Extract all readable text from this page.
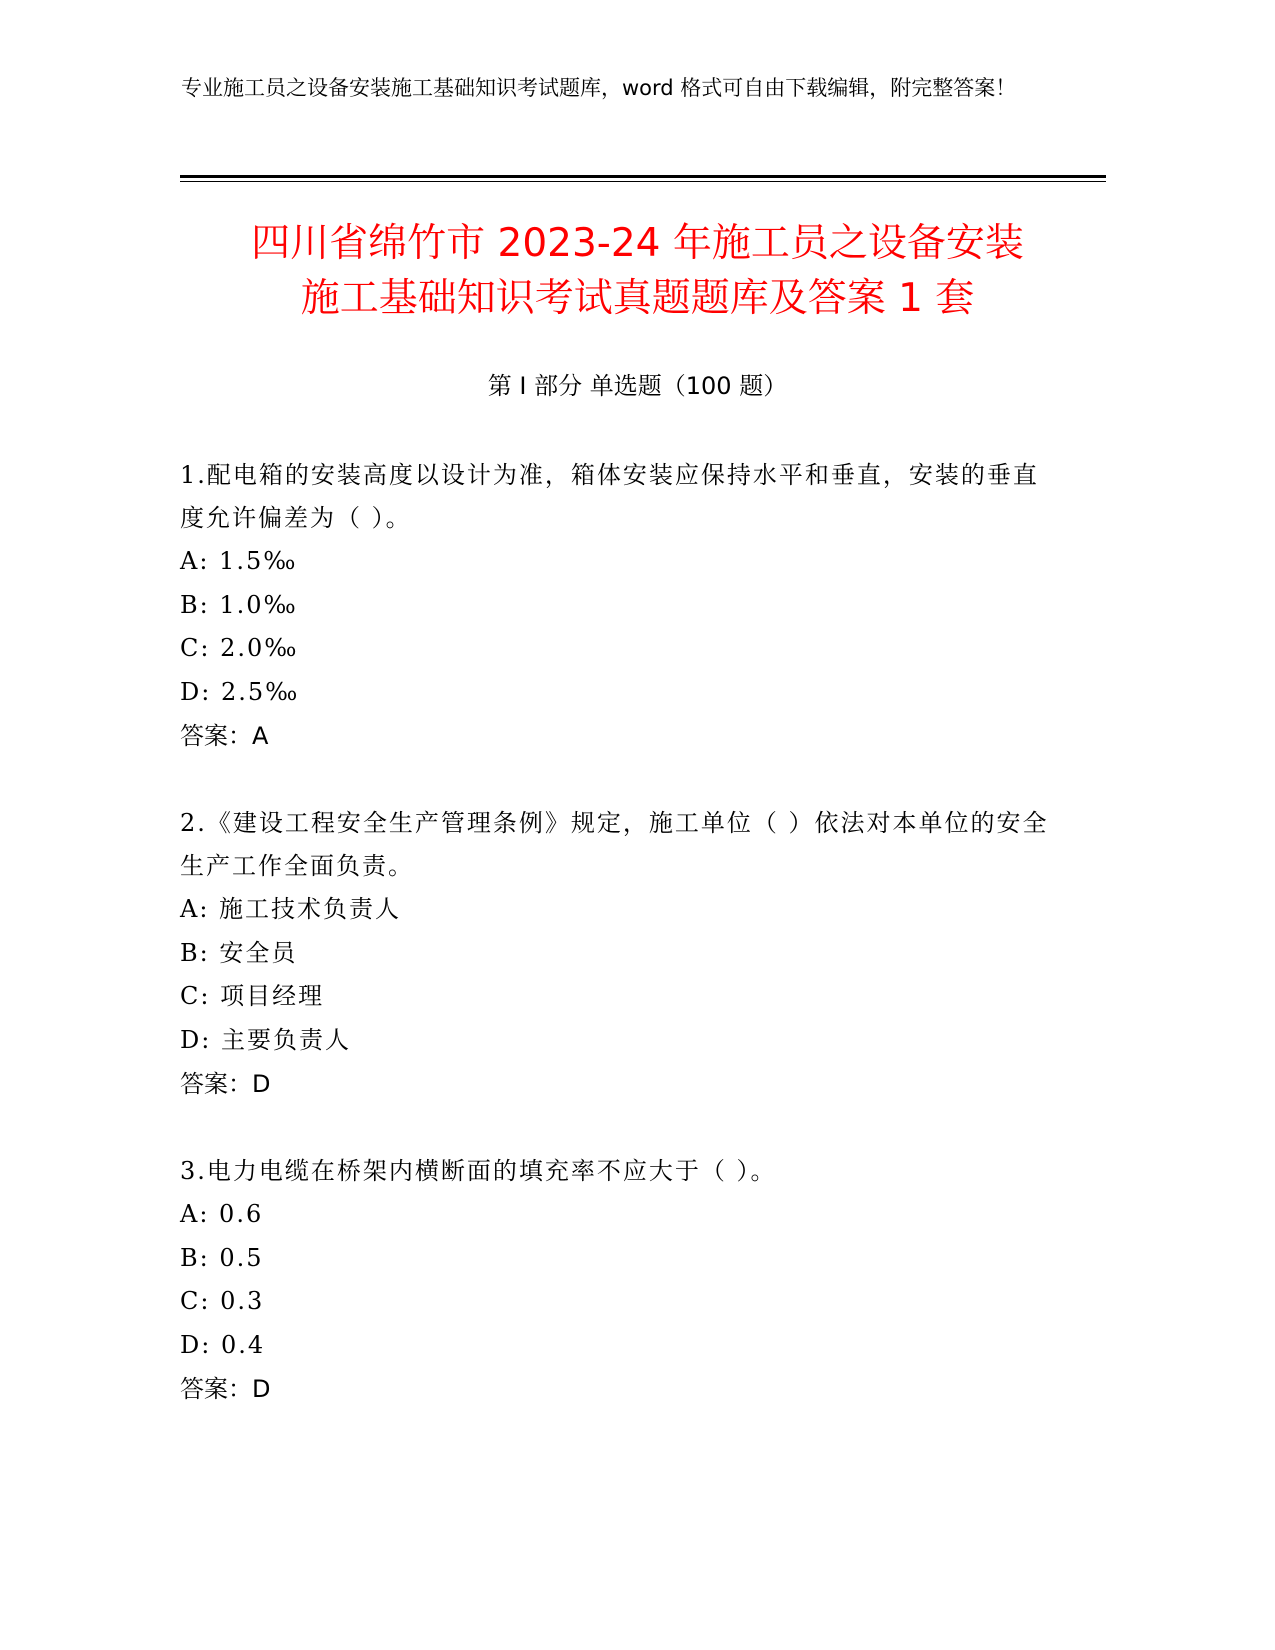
专业施工员之设备安装施工基础知识考试题库，word 格式可自由下载编辑，附完整答案！
四川省绵竹市 2023-24 年施工员之设备安装
施工基础知识考试真题题库及答案 1 套
第 I 部分 单选题（100 题）
1.配电箱的安装高度以设计为准，箱体安装应保持水平和垂直，安装的垂直度允许偏差为（ ）。
A: 1.5‰
B: 1.0‰
C: 2.0‰
D: 2.5‰
答案：A
2.《建设工程安全生产管理条例》规定，施工单位（ ）依法对本单位的安全生产工作全面负责。
A: 施工技术负责人
B: 安全员
C: 项目经理
D: 主要负责人
答案：D
3.电力电缆在桥架内横断面的填充率不应大于（ ）。
A: 0.6
B: 0.5
C: 0.3
D: 0.4
答案：D
